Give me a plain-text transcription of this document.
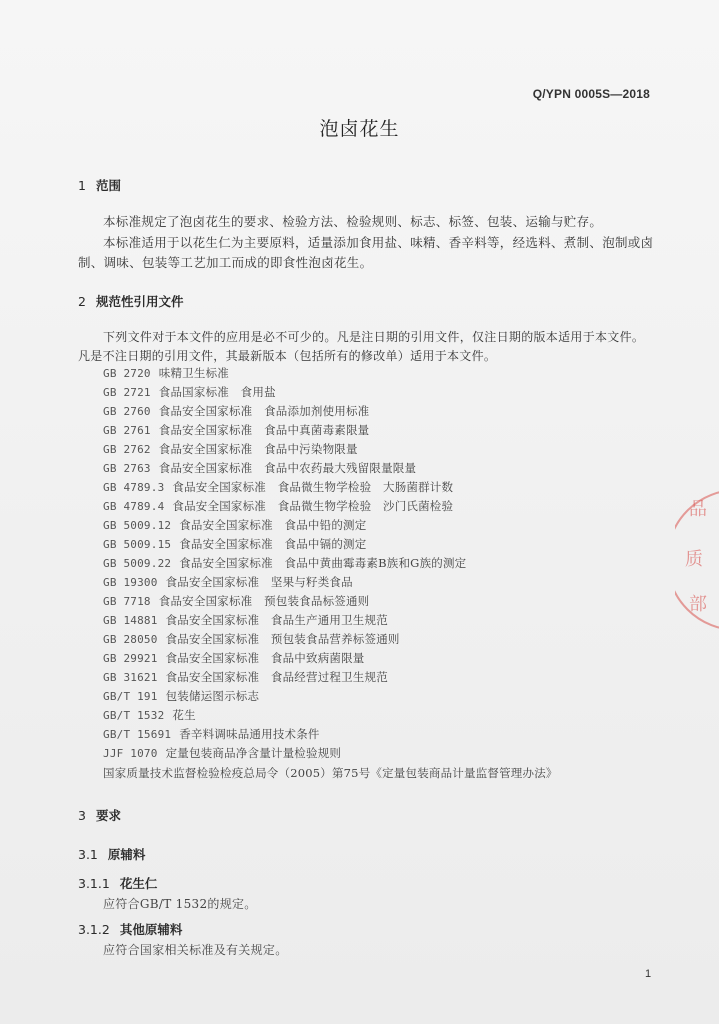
Q/YPN 0005S—2018
泡卤花生
1 范围
本标准规定了泡卤花生的要求、检验方法、检验规则、标志、标签、包装、运输与贮存。
本标准适用于以花生仁为主要原料，适量添加食用盐、味精、香辛料等，经选料、煮制、泡制或卤
制、调味、包装等工艺加工而成的即食性泡卤花生。
2 规范性引用文件
下列文件对于本文件的应用是必不可少的。凡是注日期的引用文件，仅注日期的版本适用于本文件。
凡是不注日期的引用文件，其最新版本（包括所有的修改单）适用于本文件。
GB 2720 味精卫生标准
GB 2721 食品国家标准　食用盐
GB 2760 食品安全国家标准　食品添加剂使用标准
GB 2761 食品安全国家标准　食品中真菌毒素限量
GB 2762 食品安全国家标准　食品中污染物限量
GB 2763 食品安全国家标准　食品中农药最大残留限量限量
GB 4789.3 食品安全国家标准　食品微生物学检验　大肠菌群计数
GB 4789.4 食品安全国家标准　食品微生物学检验　沙门氏菌检验
GB 5009.12 食品安全国家标准　食品中铅的测定
GB 5009.15 食品安全国家标准　食品中镉的测定
GB 5009.22 食品安全国家标准　食品中黄曲霉毒素B族和G族的测定
GB 19300 食品安全国家标准　坚果与籽类食品
GB 7718 食品安全国家标准　预包装食品标签通则
GB 14881 食品安全国家标准　食品生产通用卫生规范
GB 28050 食品安全国家标准　预包装食品营养标签通则
GB 29921 食品安全国家标准　食品中致病菌限量
GB 31621 食品安全国家标准　食品经营过程卫生规范
GB/T 191 包装储运图示标志
GB/T 1532 花生
GB/T 15691 香辛料调味品通用技术条件
JJF 1070 定量包装商品净含量计量检验规则
国家质量技术监督检验检疫总局令（2005）第75号《定量包装商品计量监督管理办法》
3 要求
3.1 原辅料
3.1.1 花生仁
应符合GB/T 1532的规定。
3.1.2 其他原辅料
应符合国家相关标准及有关规定。
1
品
质
部
